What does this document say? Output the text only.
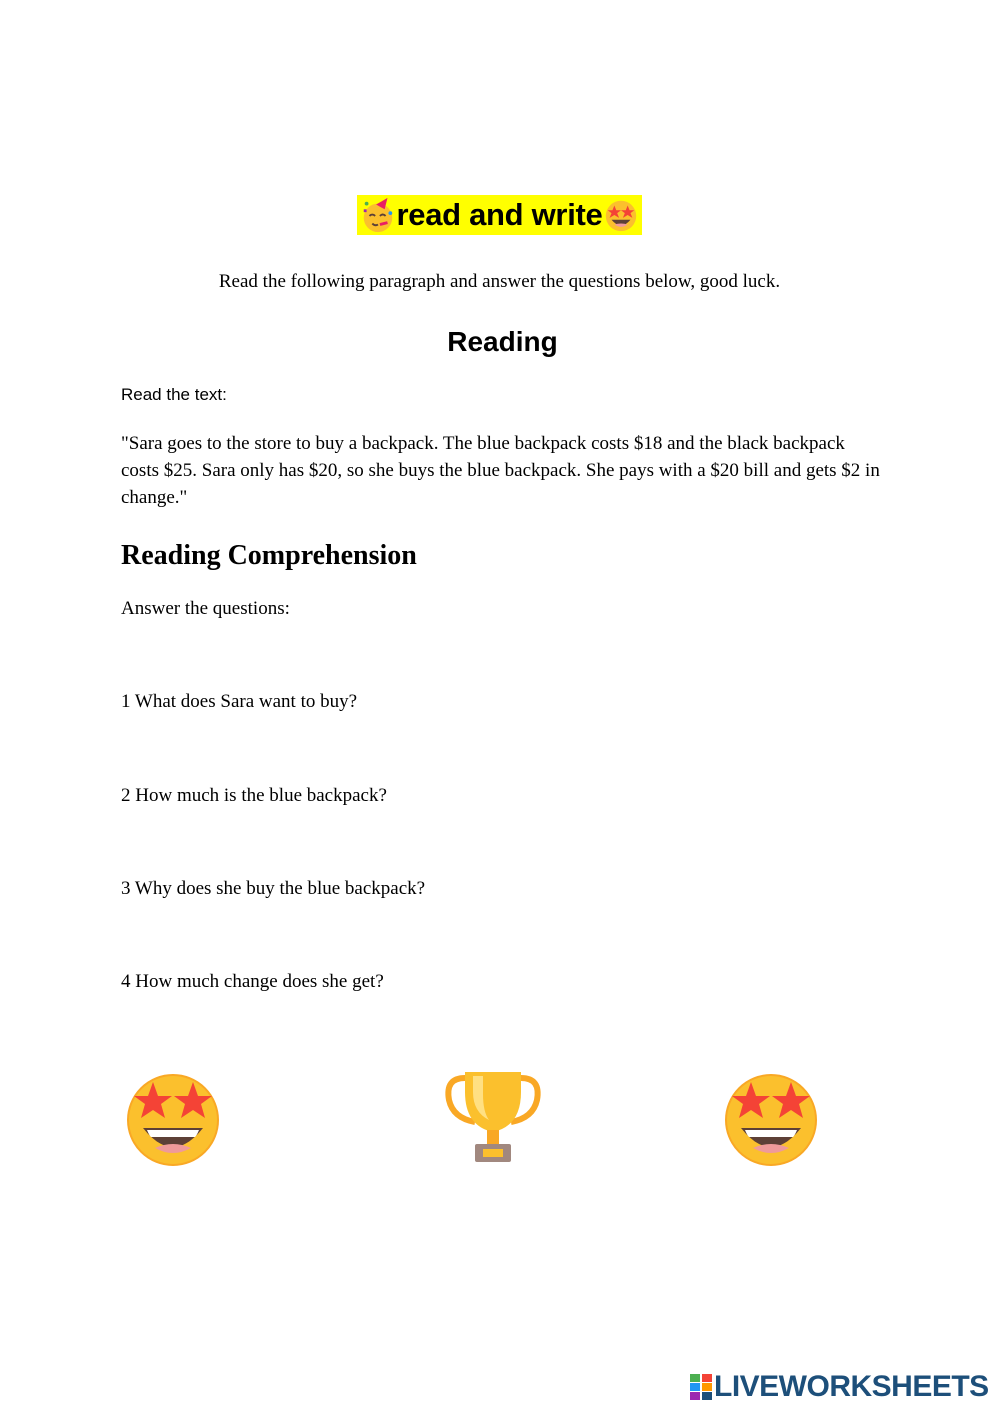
read and write
Read the following paragraph and answer the questions below, good luck.
Reading
Read the text:
"Sara goes to the store to buy a backpack. The blue backpack costs $18 and the black backpack costs $25. Sara only has $20, so she buys the blue backpack. She pays with a $20 bill and gets $2 in change."
Reading Comprehension
Answer the questions:
1 What does Sara want to buy?
2 How much is the blue backpack?
3 Why does she buy the blue backpack?
4 How much change does she get?
LIVEWORKSHEETS
